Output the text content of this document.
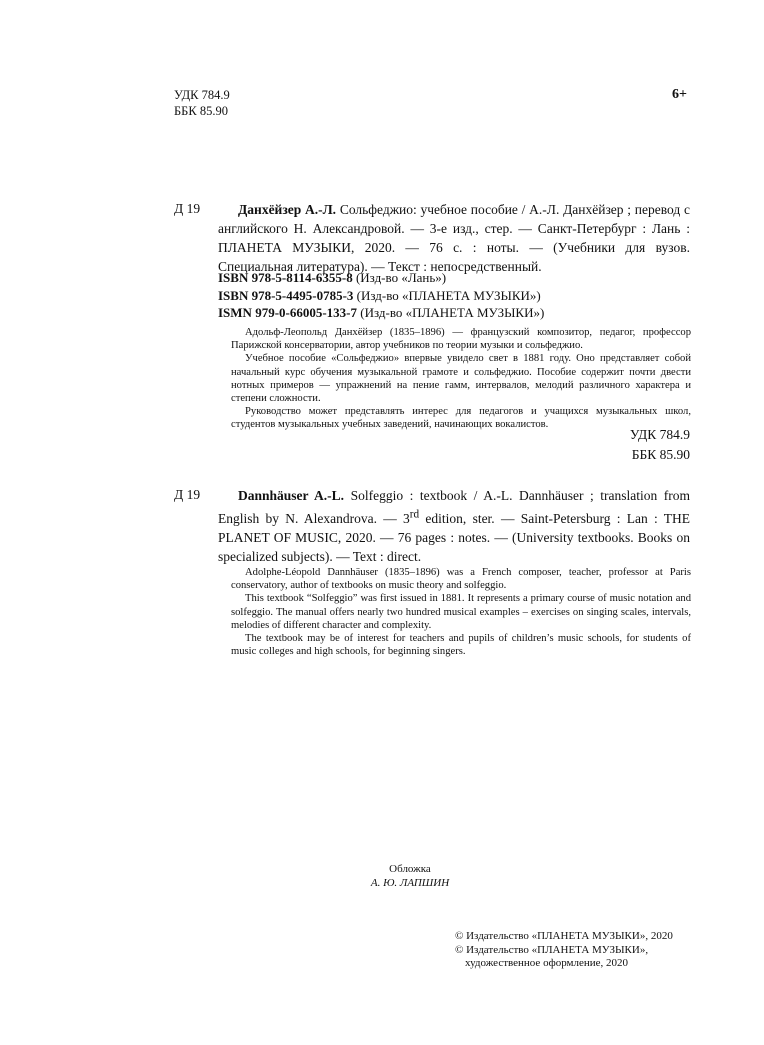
УДК 784.9
ББК 85.90
6+
Д 19	Данхёйзер А.-Л. Сольфеджио: учебное пособие / А.-Л. Данхёйзер ; перевод с английского Н. Александровой. — 3-е изд., стер. — Санкт-Петербург : Лань : ПЛАНЕТА МУЗЫКИ, 2020. — 76 с. : ноты. — (Учебники для вузов. Специальная литература). — Текст : непосредственный.
ISBN 978-5-8114-6355-8 (Изд-во «Лань»)
ISBN 978-5-4495-0785-3 (Изд-во «ПЛАНЕТА МУЗЫКИ»)
ISMN 979-0-66005-133-7 (Изд-во «ПЛАНЕТА МУЗЫКИ»)

Адольф-Леопольд Данхёйзер (1835–1896) — французский композитор, педагог, профессор Парижской консерватории, автор учебников по теории музыки и сольфеджио.

Учебное пособие «Сольфеджио» впервые увидело свет в 1881 году. Оно представляет собой начальный курс обучения музыкальной грамоте и сольфеджио. Пособие содержит почти двести нотных примеров — упражнений на пение гамм, интервалов, мелодий различного характера и степени сложности.

Руководство может представлять интерес для педагогов и учащихся музыкальных школ, студентов музыкальных учебных заведений, начинающих вокалистов.

УДК 784.9
ББК 85.90
Д 19	Dannhäuser A.-L. Solfeggio : textbook / A.-L. Dannhäuser ; translation from English by N. Alexandrova. — 3rd edition, ster. — Saint-Petersburg : Lan : THE PLANET OF MUSIC, 2020. — 76 pages : notes. — (University textbooks. Books on specialized subjects). — Text : direct.

Adolphe-Léopold Dannhäuser (1835–1896) was a French composer, teacher, professor at Paris conservatory, author of textbooks on music theory and solfeggio.

This textbook “Solfeggio” was first issued in 1881. It represents a primary course of music notation and solfeggio. The manual offers nearly two hundred musical examples – exercises on singing scales, intervals, melodies of different character and complexity.

The textbook may be of interest for teachers and pupils of children’s music schools, for students of music colleges and high schools, for beginning singers.

Обложка
А. Ю. ЛАПШИН
© Издательство «ПЛАНЕТА МУЗЫКИ», 2020
© Издательство «ПЛАНЕТА МУЗЫКИ»,
художественное оформление, 2020
